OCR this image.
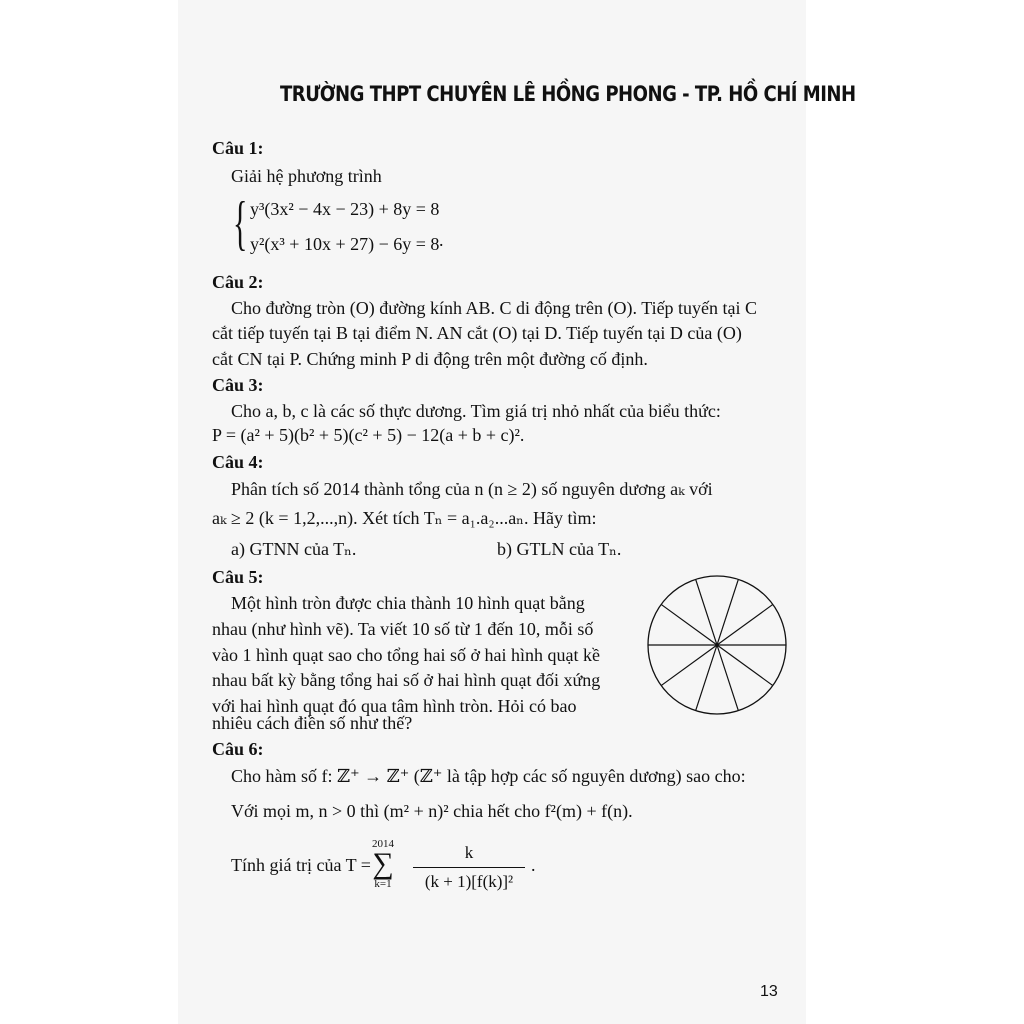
TRƯỜNG THPT CHUYÊN LÊ HỒNG PHONG - TP. HỒ CHÍ MINH
Câu 1:
Giải hệ phương trình
{ y³(3x² − 4x − 23) + 8y = 8
y²(x³ + 10x + 27) − 6y = 8 .
Câu 2:
Cho đường tròn (O) đường kính AB. C di động trên (O). Tiếp tuyến tại C
cắt tiếp tuyến tại B tại điểm N. AN cắt (O) tại D. Tiếp tuyến tại D của (O)
cắt CN tại P. Chứng minh P di động trên một đường cố định.
Câu 3:
Cho a, b, c là các số thực dương. Tìm giá trị nhỏ nhất của biểu thức:
P = (a² + 5)(b² + 5)(c² + 5) − 12(a + b + c)².
Câu 4:
Phân tích số 2014 thành tổng của n (n ≥ 2) số nguyên dương aₖ với
aₖ ≥ 2 (k = 1,2,...,n). Xét tích Tₙ = a₁.a₂...aₙ. Hãy tìm:
a) GTNN của Tₙ.	b) GTLN của Tₙ.
Câu 5:
Một hình tròn được chia thành 10 hình quạt bằng
nhau (như hình vẽ). Ta viết 10 số từ 1 đến 10, mỗi số
vào 1 hình quạt sao cho tổng hai số ở hai hình quạt kề
nhau bất kỳ bằng tổng hai số ở hai hình quạt đối xứng
với hai hình quạt đó qua tâm hình tròn. Hỏi có bao
nhiêu cách điền số như thế?
Câu 6:
Cho hàm số f: ℤ⁺ → ℤ⁺ (ℤ⁺ là tập hợp các số nguyên dương) sao cho:
Với mọi m, n > 0 thì (m² + n)² chia hết cho f²(m) + f(n).
Tính giá trị của T =
2014
∑
k=1
k
(k + 1)[f(k)]²
.
13
